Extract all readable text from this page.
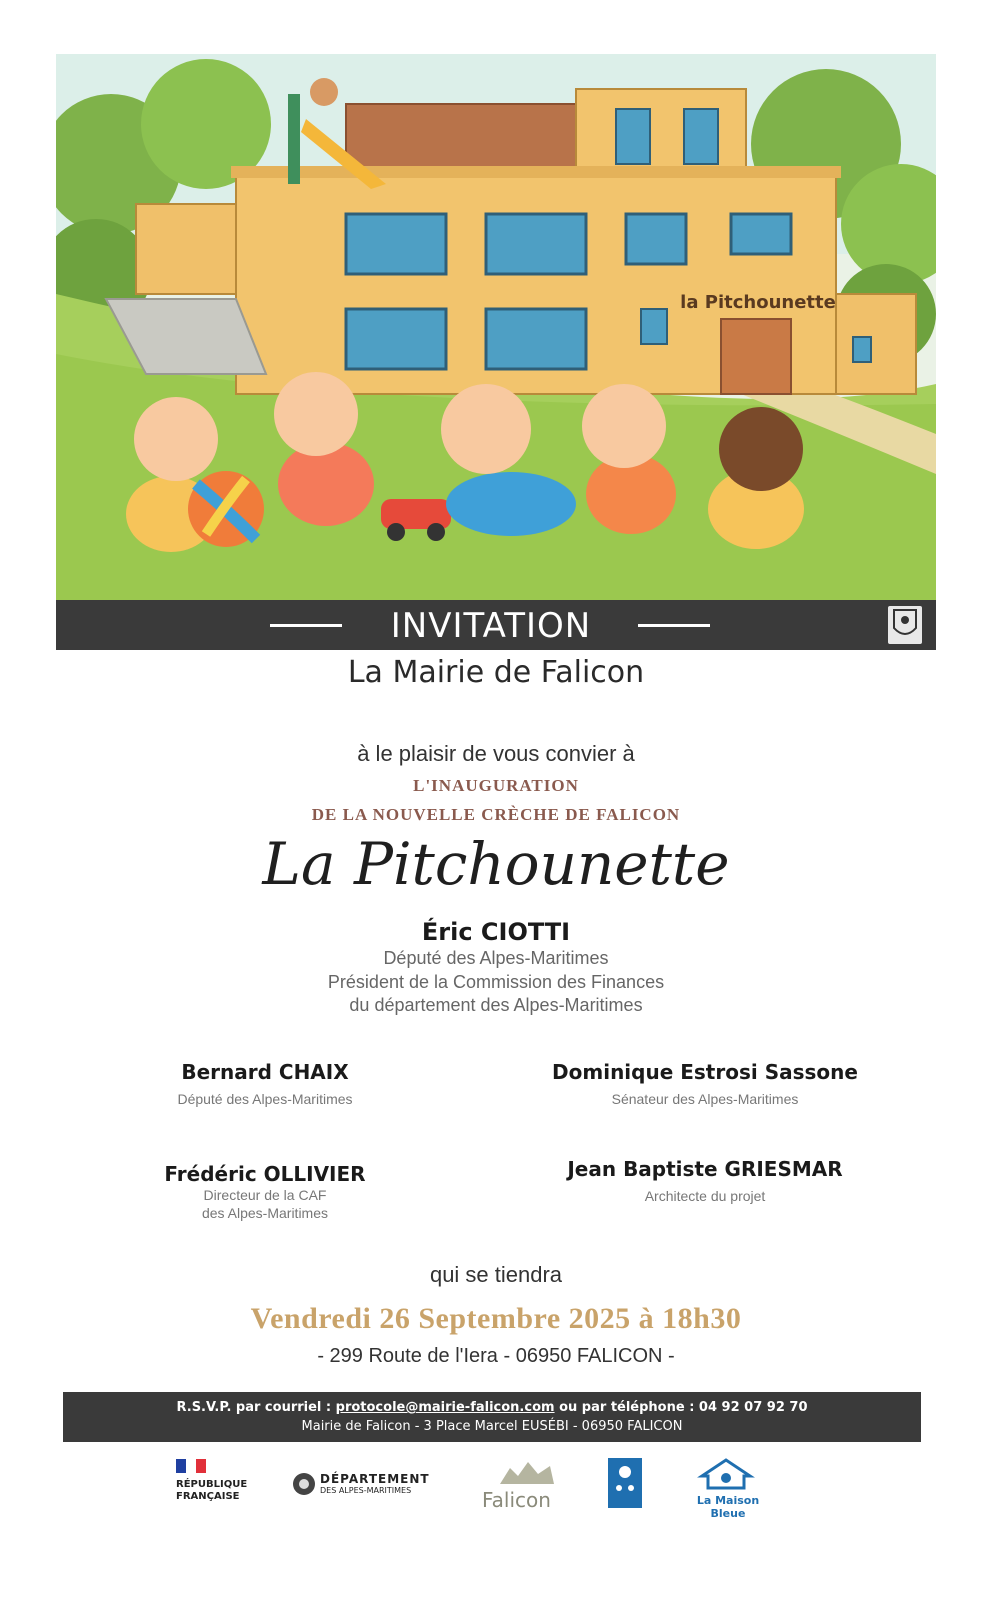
la Pitchounette
INVITATION
La Mairie de Falicon
à le plaisir de vous convier à
L'INAUGURATION
DE LA NOUVELLE CRÈCHE DE FALICON
La Pitchounette
Éric CIOTTI
Député des Alpes-Maritimes
Président de la Commission des Finances
du département des Alpes-Maritimes
Bernard CHAIX
Député des Alpes-Maritimes
Dominique Estrosi Sassone
Sénateur des Alpes-Maritimes
Frédéric OLLIVIER
Directeur de la CAF
des Alpes-Maritimes
Jean Baptiste GRIESMAR
Architecte du projet
qui se tiendra
Vendredi 26 Septembre 2025 à 18h30
- 299 Route de l'Iera - 06950 FALICON -
R.S.V.P. par courriel : protocole@mairie-falicon.com ou par téléphone : 04 92 07 92 70
Mairie de Falicon - 3 Place Marcel EUSÉBI - 06950 FALICON
RÉPUBLIQUE
FRANÇAISE
DÉPARTEMENT
DES ALPES-MARITIMES	Falicon	La Maison Bleue
